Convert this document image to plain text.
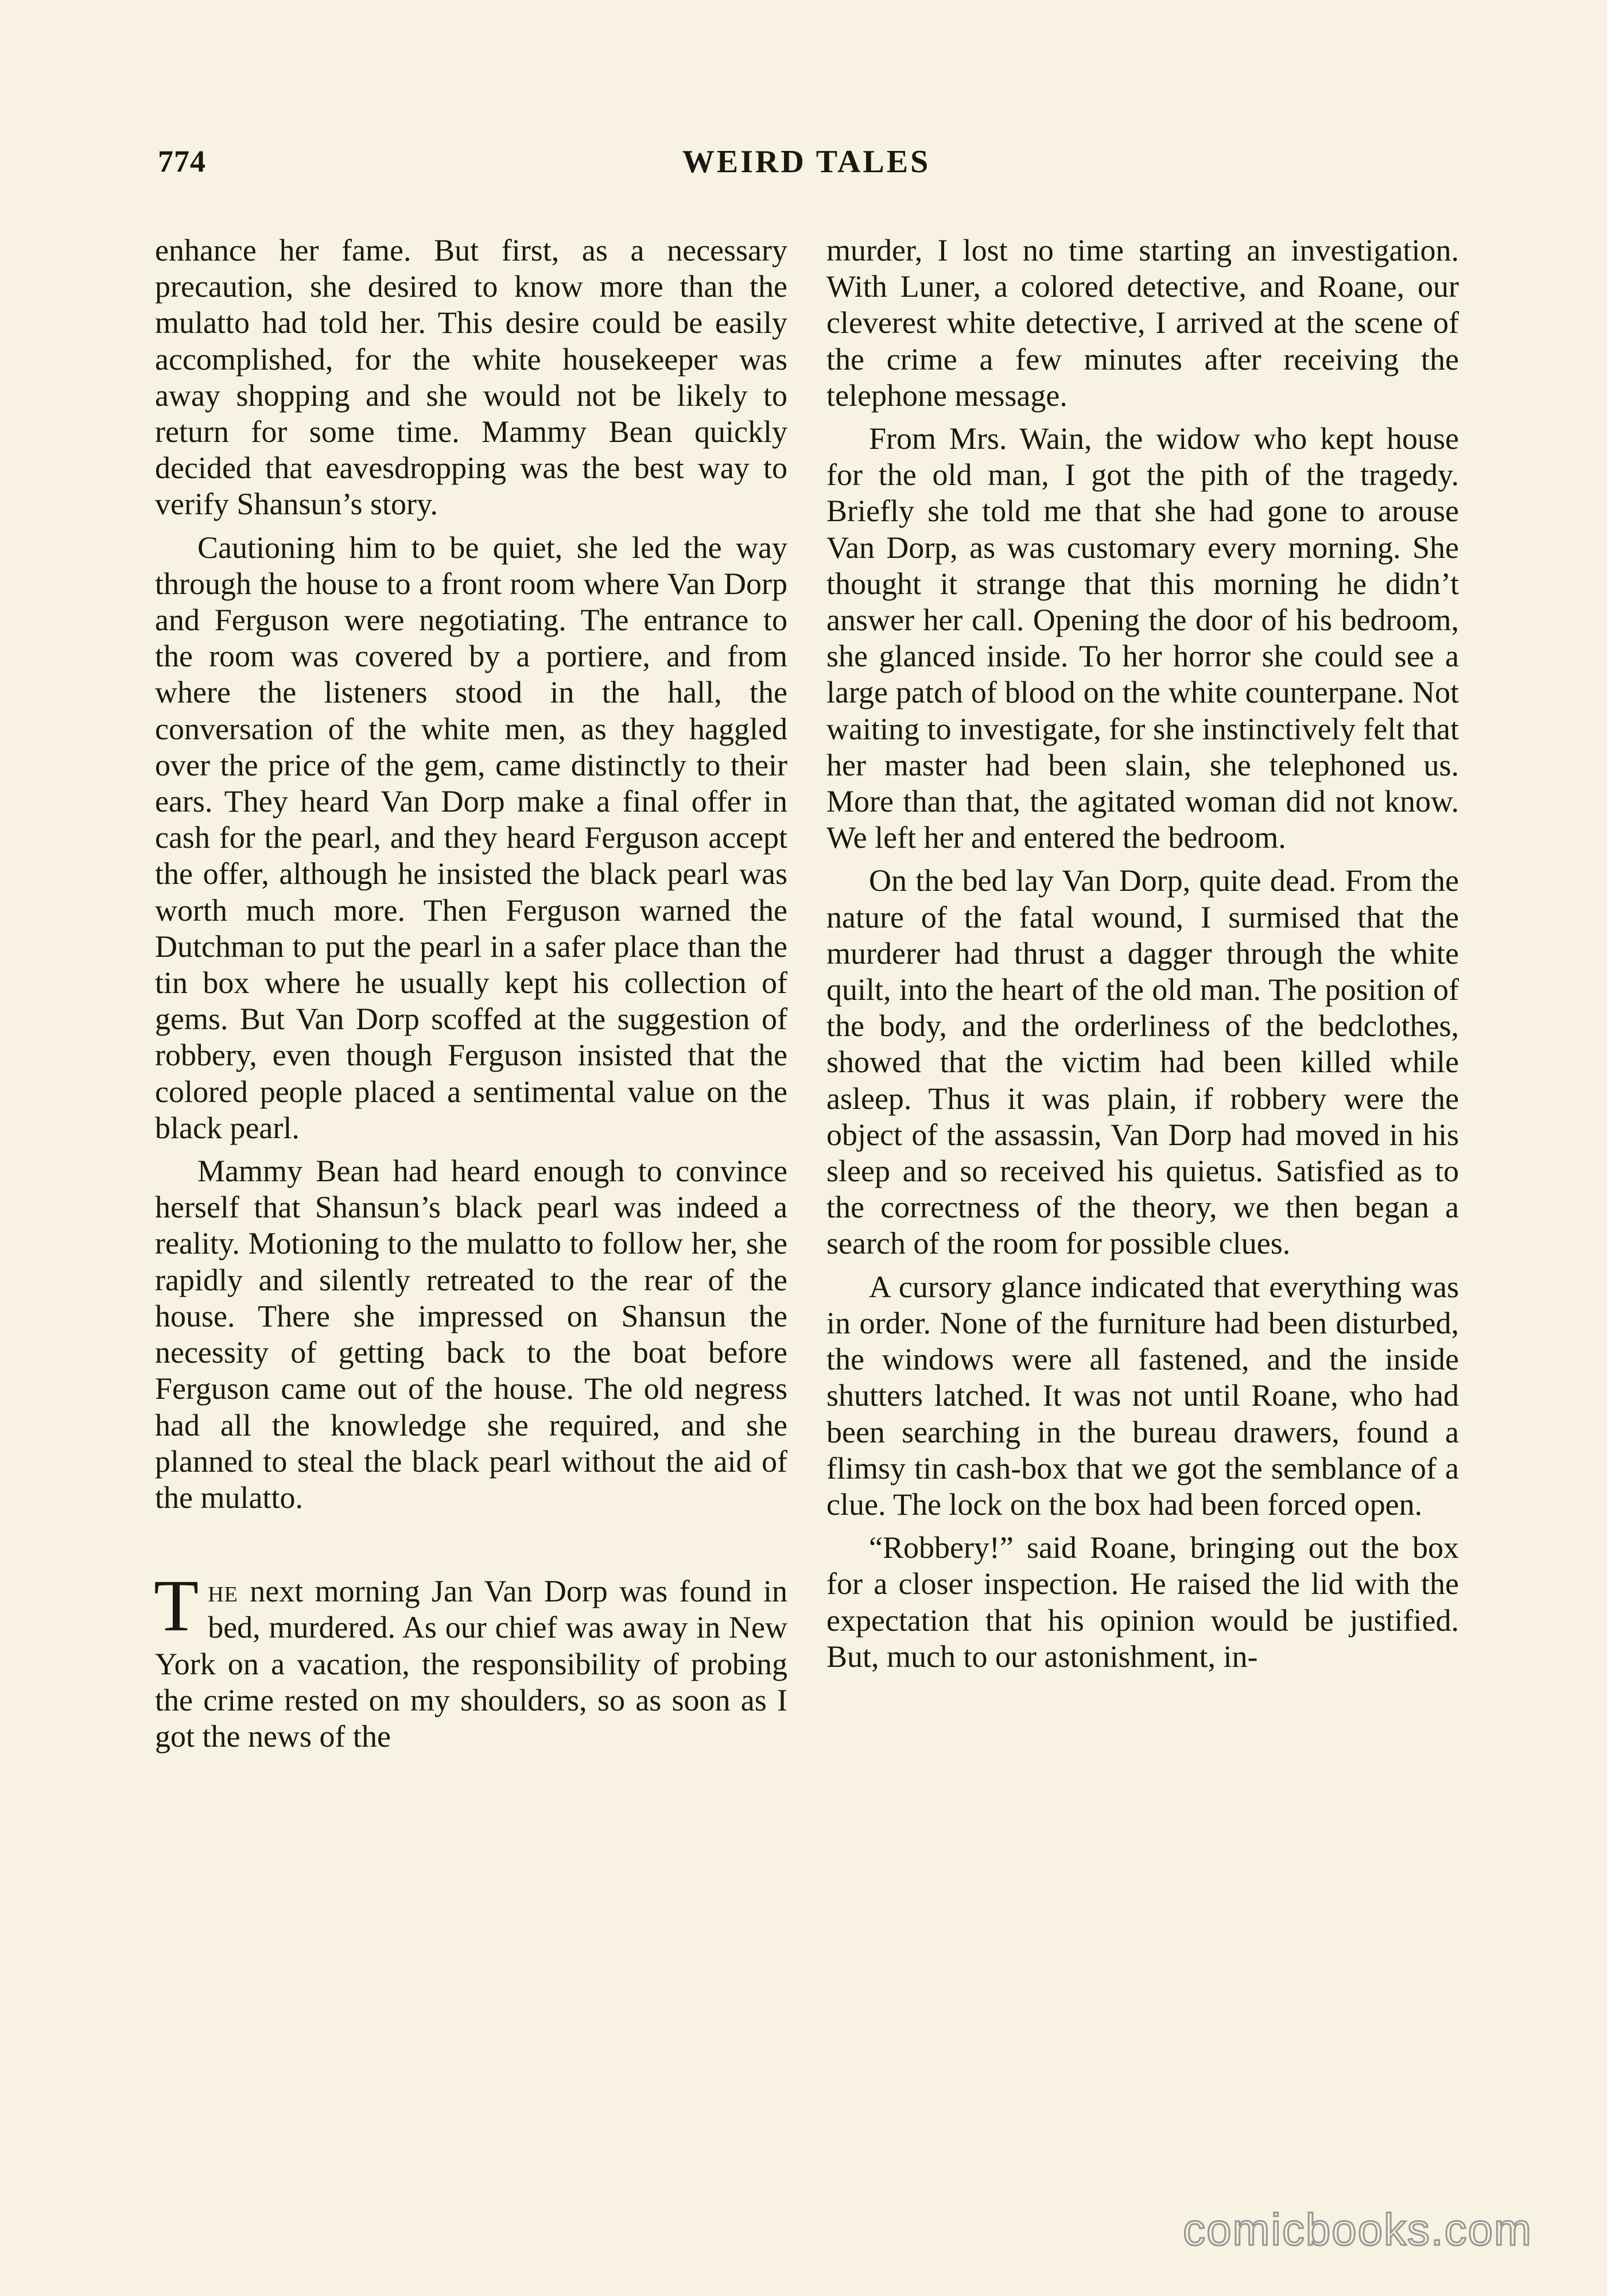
774	WEIRD TALES

enhance her fame. But first, as a necessary precaution, she desired to know more than the mulatto had told her. This desire could be easily accomplished, for the white housekeeper was away shopping and she would not be likely to return for some time. Mammy Bean quickly decided that eavesdropping was the best way to verify Shansun’s story.

Cautioning him to be quiet, she led the way through the house to a front room where Van Dorp and Ferguson were negotiating. The entrance to the room was covered by a portiere, and from where the listeners stood in the hall, the conversation of the white men, as they haggled over the price of the gem, came distinctly to their ears. They heard Van Dorp make a final offer in cash for the pearl, and they heard Ferguson accept the offer, although he insisted the black pearl was worth much more. Then Ferguson warned the Dutchman to put the pearl in a safer place than the tin box where he usually kept his collection of gems. But Van Dorp scoffed at the suggestion of robbery, even though Ferguson insisted that the colored people placed a sentimental value on the black pearl.

Mammy Bean had heard enough to convince herself that Shansun’s black pearl was indeed a reality. Motioning to the mulatto to follow her, she rapidly and silently retreated to the rear of the house. There she impressed on Shansun the necessity of getting back to the boat before Ferguson came out of the house. The old negress had all the knowledge she required, and she planned to steal the black pearl without the aid of the mulatto.

The next morning Jan Van Dorp was found in bed, murdered. As our chief was away in New York on a vacation, the responsibility of probing the crime rested on my shoulders, so as soon as I got the news of the

murder, I lost no time starting an investigation. With Luner, a colored detective, and Roane, our cleverest white detective, I arrived at the scene of the crime a few minutes after receiving the telephone message.

From Mrs. Wain, the widow who kept house for the old man, I got the pith of the tragedy. Briefly she told me that she had gone to arouse Van Dorp, as was customary every morning. She thought it strange that this morning he didn’t answer her call. Opening the door of his bedroom, she glanced inside. To her horror she could see a large patch of blood on the white counterpane. Not waiting to investigate, for she instinctively felt that her master had been slain, she telephoned us. More than that, the agitated woman did not know. We left her and entered the bedroom.

On the bed lay Van Dorp, quite dead. From the nature of the fatal wound, I surmised that the murderer had thrust a dagger through the white quilt, into the heart of the old man. The position of the body, and the orderliness of the bedclothes, showed that the victim had been killed while asleep. Thus it was plain, if robbery were the object of the assassin, Van Dorp had moved in his sleep and so received his quietus. Satisfied as to the correctness of the theory, we then began a search of the room for possible clues.

A cursory glance indicated that everything was in order. None of the furniture had been disturbed, the windows were all fastened, and the inside shutters latched. It was not until Roane, who had been searching in the bureau drawers, found a flimsy tin cash-box that we got the semblance of a clue. The lock on the box had been forced open.

“Robbery!” said Roane, bringing out the box for a closer inspection. He raised the lid with the expectation that his opinion would be justified. But, much to our astonishment, in-

comicbooks.com
